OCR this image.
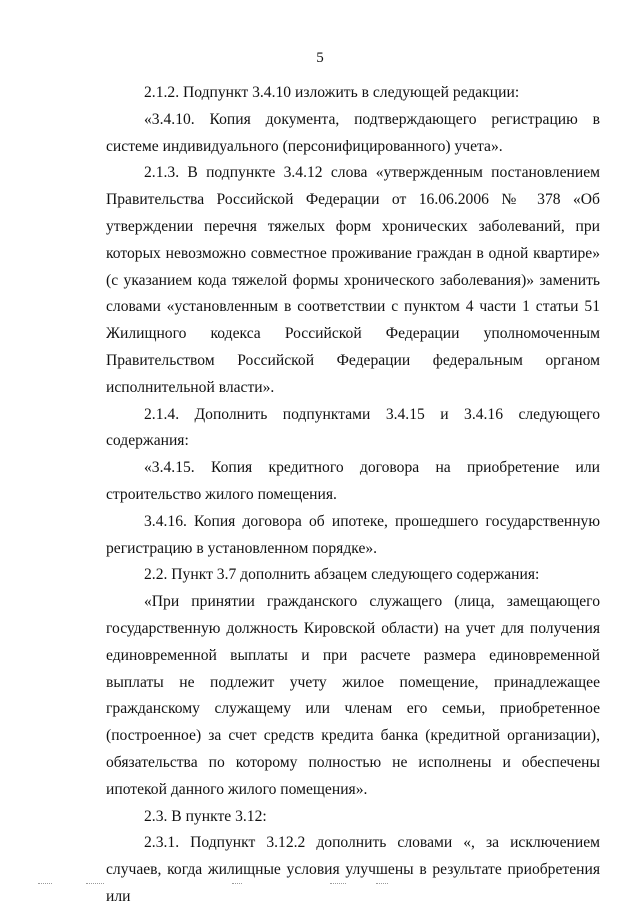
5

2.1.2. Подпункт 3.4.10 изложить в следующей редакции:

«3.4.10. Копия документа, подтверждающего регистрацию в системе индивидуального (персонифицированного) учета».

2.1.3. В подпункте 3.4.12 слова «утвержденным постановлением Правительства Российской Федерации от 16.06.2006 № 378 «Об утверждении перечня тяжелых форм хронических заболеваний, при которых невозможно совместное проживание граждан в одной квартире» (с указанием кода тяжелой формы хронического заболевания)» заменить словами «установленным в соответствии с пунктом 4 части 1 статьи 51 Жилищного кодекса Российской Федерации уполномоченным Правительством Российской Федерации федеральным органом исполнительной власти».

2.1.4. Дополнить подпунктами 3.4.15 и 3.4.16 следующего содержания:

«3.4.15. Копия кредитного договора на приобретение или строительство жилого помещения.

3.4.16. Копия договора об ипотеке, прошедшего государственную регистрацию в установленном порядке».

2.2. Пункт 3.7 дополнить абзацем следующего содержания:

«При принятии гражданского служащего (лица, замещающего государственную должность Кировской области) на учет для получения единовременной выплаты и при расчете размера единовременной выплаты не подлежит учету жилое помещение, принадлежащее гражданскому служащему или членам его семьи, приобретенное (построенное) за счет средств кредита банка (кредитной организации), обязательства по которому полностью не исполнены и обеспечены ипотекой данного жилого помещения».

2.3. В пункте 3.12:

2.3.1. Подпункт 3.12.2 дополнить словами «, за исключением случаев, когда жилищные условия улучшены в результате приобретения или
